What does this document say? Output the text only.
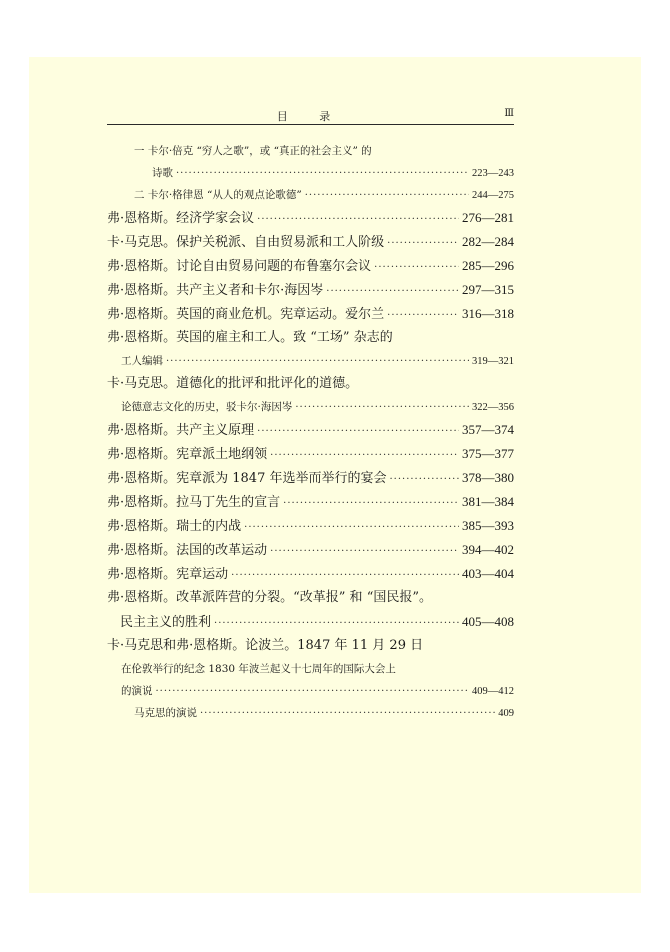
目 录	Ⅲ
一 卡尔·倍克 “穷人之歌”，或 “真正的社会主义” 的
诗歌 ·····	223—243
二 卡尔·格律恩 “从人的观点论歌德” ·····	244—275
弗·恩格斯。经济学家会议 ·····	276—281
卡·马克思。保护关税派、自由贸易派和工人阶级 ·····	282—284
弗·恩格斯。讨论自由贸易问题的布鲁塞尔会议 ·····	285—296
弗·恩格斯。共产主义者和卡尔·海因岑 ·····	297—315
弗·恩格斯。英国的商业危机。宪章运动。爱尔兰 ·····	316—318
弗·恩格斯。英国的雇主和工人。致 “工场” 杂志的
工人编辑 ·····	319—321
卡·马克思。道德化的批评和批评化的道德。
论德意志文化的历史，驳卡尔·海因岑 ·····	322—356
弗·恩格斯。共产主义原理 ·····	357—374
弗·恩格斯。宪章派土地纲领 ·····	375—377
弗·恩格斯。宪章派为 1847 年选举而举行的宴会 ·····	378—380
弗·恩格斯。拉马丁先生的宣言 ·····	381—384
弗·恩格斯。瑞士的内战 ·····	385—393
弗·恩格斯。法国的改革运动 ·····	394—402
弗·恩格斯。宪章运动 ·····	403—404
弗·恩格斯。改革派阵营的分裂。“改革报” 和 “国民报”。
民主主义的胜利 ·····	405—408
卡·马克思和弗·恩格斯。论波兰。1847 年 11 月 29 日
在伦敦举行的纪念 1830 年波兰起义十七周年的国际大会上
的演说 ·····	409—412
马克思的演说 ·····	409
